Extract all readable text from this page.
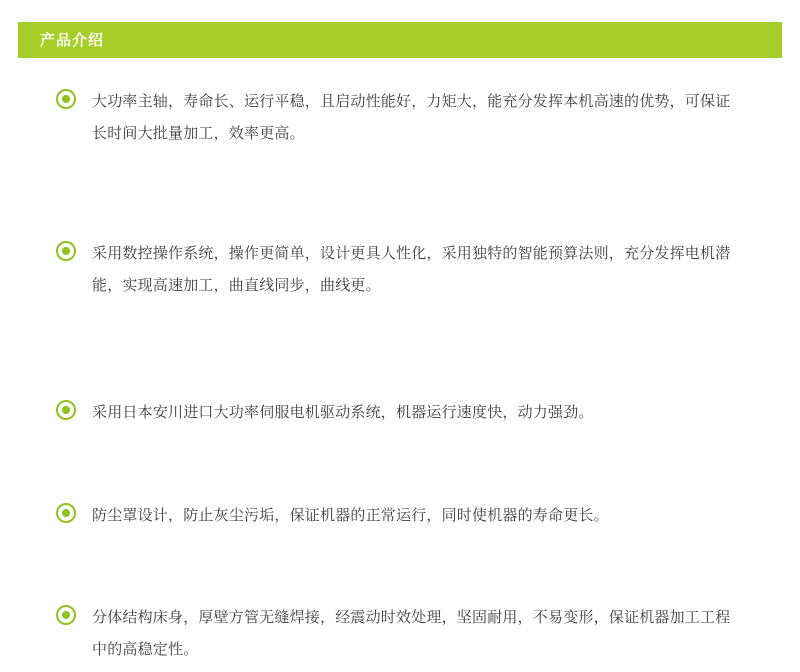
产品介绍
大功率主轴，寿命长、运行平稳，且启动性能好，力矩大，能充分发挥本机高速的优势，可保证长时间大批量加工，效率更高。
采用数控操作系统，操作更简单，设计更具人性化，采用独特的智能预算法则，充分发挥电机潜能，实现高速加工，曲直线同步，曲线更。
采用日本安川进口大功率伺服电机驱动系统，机器运行速度快，动力强劲。
防尘罩设计，防止灰尘污垢，保证机器的正常运行，同时使机器的寿命更长。
分体结构床身，厚壁方管无缝焊接，经震动时效处理，坚固耐用，不易变形，保证机器加工工程中的高稳定性。
